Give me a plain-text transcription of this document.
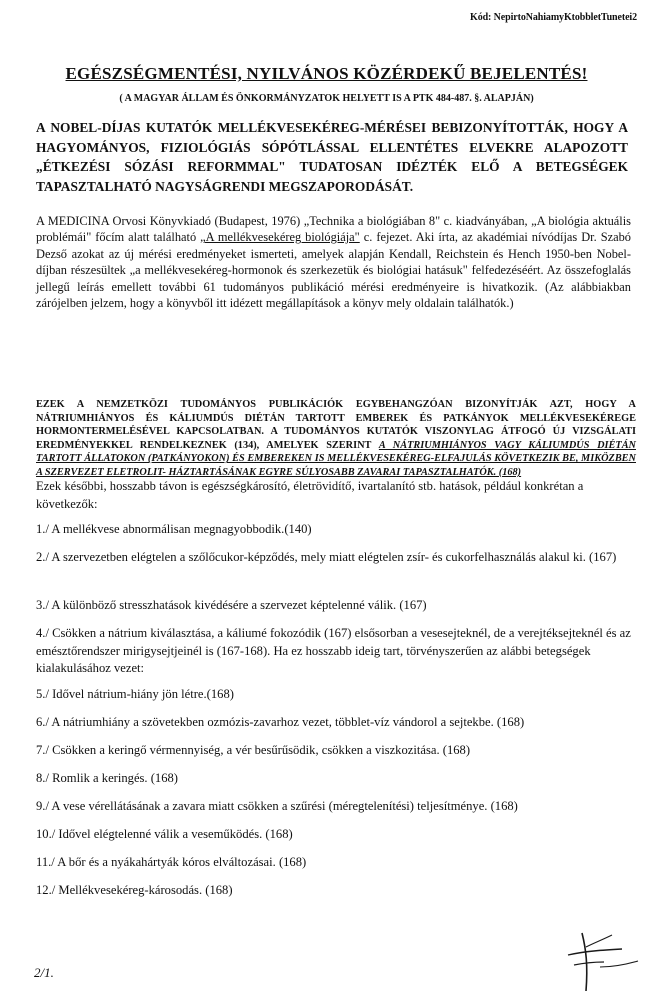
Kód: NepirtoNahiamyKtobbletTunetei2
EGÉSZSÉGMENTÉSI, NYILVÁNOS KÖZÉRDEKŰ BEJELENTÉS!
( A MAGYAR ÁLLAM ÉS ÖNKORMÁNYZATOK HELYETT IS A PTK 484-487. §. ALAPJÁN)
A NOBEL-DÍJAS KUTATÓK MELLÉKVESEKÉREG-MÉRÉSEI BEBIZONYÍTOTTÁK, HOGY A HAGYOMÁNYOS, FIZIOLÓGIÁS SÓPÓTLÁSSAL ELLENTÉTES ELVEKRE ALAPOZOTT „ÉTKEZÉSI SÓZÁSI REFORMMAL" TUDATOSAN IDÉZTÉK ELŐ A BETEGSÉGEK TAPASZTALHATÓ NAGYSÁGRENDI MEGSZAPORODÁSÁT.
A MEDICINA Orvosi Könyvkiadó (Budapest, 1976) „Technika a biológiában 8" c. kiadványában, „A biológia aktuális problémái" főcím alatt található „A mellékvesekéreg biológiája" c. fejezet. Aki írta, az akadémiai nívódíjas Dr. Szabó Dezső azokat az új mérési eredményeket ismerteti, amelyek alapján Kendall, Reichstein és Hench 1950-ben Nobel-díjban részesültek „a mellékvesekéreg-hormonok és szerkezetük és biológiai hatásuk" felfedezéséért. Az összefoglalás jellegű leírás emellett további 61 tudományos publikáció mérési eredményeire is hivatkozik. (Az alábbiakban zárójelben jelzem, hogy a könyvből itt idézett megállapítások a könyv mely oldalain találhatók.)
EZEK A NEMZETKÖZI TUDOMÁNYOS PUBLIKÁCIÓK EGYBEHANGZÓAN BIZONYÍTJÁK AZT, HOGY A NÁTRIUMHIÁNYOS ÉS KÁLIUMDÚS DIÉTÁN TARTOTT EMBEREK ÉS PATKÁNYOK MELLÉKVESEKÉREGE HORMONTERMELÉSÉVEL KAPCSOLATBAN. A TUDOMÁNYOS KUTATÓK VISZONYLAG ÁTFOGÓ ÚJ VIZSGÁLATI EREDMÉNYEKKEL RENDELKEZNEK (134), AMELYEK SZERINT A NÁTRIUMHIÁNYOS VAGY KÁLIUMDÚS DIÉTÁN TARTOTT ÁLLATOKON (PATKÁNYOKON) ÉS EMBEREKEN IS MELLÉKVESEKÉREG-ELFAJULÁS KÖVETKEZIK BE, MIKÖZBEN A SZERVEZET ELETROLIT- HÁZTARTÁSÁNAK EGYRE SÚLYOSABB ZAVARAI TAPASZTALHATÓK. (168)
Ezek későbbi, hosszabb távon is egészségkárosító, életrövidítő, ivartalanító stb. hatások, például konkrétan a következők:
1./ A mellékvese abnormálisan megnagyobbodik.(140)
2./ A szervezetben elégtelen a szőlőcukor-képződés, mely miatt elégtelen zsír- és cukorfelhasználás alakul ki. (167)
3./ A különböző stresszhatások kivédésére a szervezet képtelenné válik. (167)
4./ Csökken a nátrium kiválasztása, a káliumé fokozódik (167) elsősorban a vesesejteknél, de a verejtéksejteknél és az emésztőrendszer mirigysejtjeinél is (167-168). Ha ez hosszabb ideig tart, törvényszerűen az alábbi betegségek kialakulásához vezet:
5./ Idővel nátrium-hiány jön létre.(168)
6./ A nátriumhiány a szövetekben ozmózis-zavarhoz vezet, többlet-víz vándorol a sejtekbe. (168)
7./ Csökken a keringő vérmennyiség, a vér besűrűsödik, csökken a viszkozitása. (168)
8./ Romlik a keringés. (168)
9./ A vese vérellátásának a zavara miatt csökken a szűrési (méregtelenítési) teljesítménye. (168)
10./ Idővel elégtelenné válik a veseműködés. (168)
11./ A bőr és a nyákahártyák kóros elváltozásai. (168)
12./ Mellékvesekéreg-károsodás. (168)
2/1.
